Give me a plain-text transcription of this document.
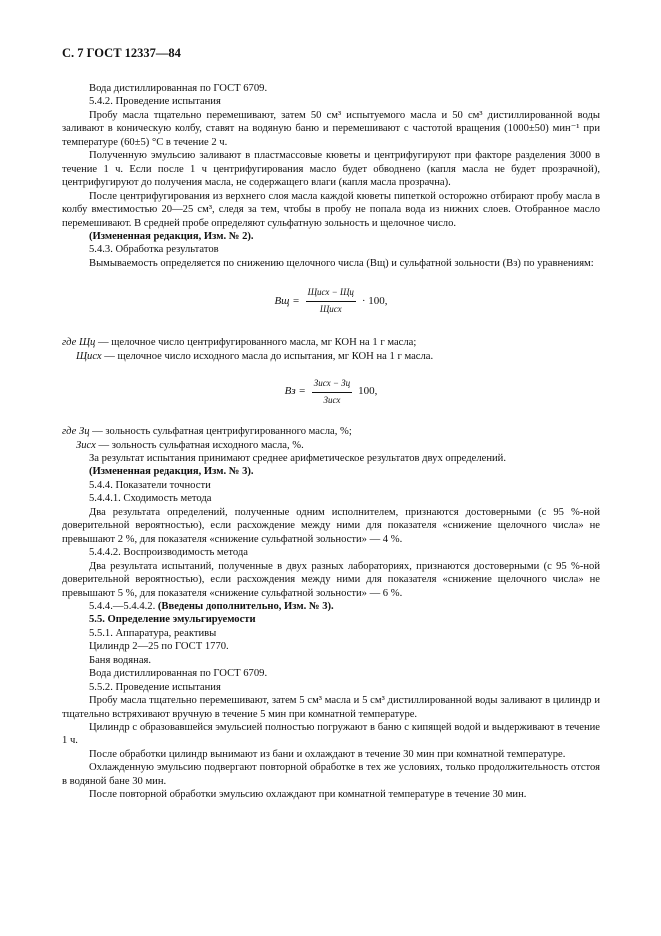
С. 7 ГОСТ 12337—84

Вода дистиллированная по ГОСТ 6709.

5.4.2. Проведение испытания

Пробу масла тщательно перемешивают, затем 50 см³ испытуемого масла и 50 см³ дистиллированной воды заливают в коническую колбу, ставят на водяную баню и перемешивают с частотой вращения (1000±50) мин⁻¹ при температуре (60±5) °С в течение 2 ч.

Полученную эмульсию заливают в пластмассовые кюветы и центрифугируют при факторе разделения 3000 в течение 1 ч. Если после 1 ч центрифугирования масло будет обводнено (капля масла не будет прозрачной), центрифугируют до получения масла, не содержащего влаги (капля масла прозрачна).

После центрифугирования из верхнего слоя масла каждой кюветы пипеткой осторожно отбирают пробу масла в колбу вместимостью 20—25 см³, следя за тем, чтобы в пробу не попала вода из нижних слоев. Отобранное масло перемешивают. В средней пробе определяют сульфатную зольность и щелочное число.

(Измененная редакция, Изм. № 2).

5.4.3. Обработка результатов

Вымываемость определяется по снижению щелочного числа (Bщ) и сульфатной зольности (Bз) по уравнениям:

Bщ = $\frac{\text{Щисх − Щц}}{\text{Щисх}} \cdot 100$,
где Щц
— щелочное число центрифугированного масла, мг КОН на 1 г масла;
Щисх
— щелочное число исходного масла до испытания, мг КОН на 1 г масла.
Bз = $\frac{\text{Зисх − Зц}}{\text{Зисх}} 100$,
где Зц
— зольность сульфатная центрифугированного масла, %;
Зисх
— зольность сульфатная исходного масла, %.

За результат испытания принимают среднее арифметическое результатов двух определений.

(Измененная редакция, Изм. № 3).

5.4.4. Показатели точности

5.4.4.1. Сходимость метода

Два результата определений, полученные одним исполнителем, признаются достоверными (с 95 %-ной доверительной вероятностью), если расхождение между ними для показателя «снижение щелочного числа» не превышают 2 %, для показателя «снижение сульфатной зольности» — 4 %.

5.4.4.2. Воспроизводимость метода

Два результата испытаний, полученные в двух разных лабораториях, признаются достоверными (с 95 %-ной доверительной вероятностью), если расхождения между ними для показателя «снижение щелочного числа» не превышают 5 %, для показателя «снижение сульфатной зольности» — 6 %.

5.4.4.—5.4.4.2. (Введены дополнительно, Изм. № 3).

5.5. Определение эмульгируемости

5.5.1. Аппаратура, реактивы

Цилиндр 2—25 по ГОСТ 1770.

Баня водяная.

Вода дистиллированная по ГОСТ 6709.

5.5.2. Проведение испытания

Пробу масла тщательно перемешивают, затем 5 см³ масла и 5 см³ дистиллированной воды заливают в цилиндр и тщательно встряхивают вручную в течение 5 мин при комнатной температуре.

Цилиндр с образовавшейся эмульсией полностью погружают в баню с кипящей водой и выдерживают в течение 1 ч.

После обработки цилиндр вынимают из бани и охлаждают в течение 30 мин при комнатной температуре.

Охлажденную эмульсию подвергают повторной обработке в тех же условиях, только продолжительность отстоя в водяной бане 30 мин.

После повторной обработки эмульсию охлаждают при комнатной температуре в течение 30 мин.
